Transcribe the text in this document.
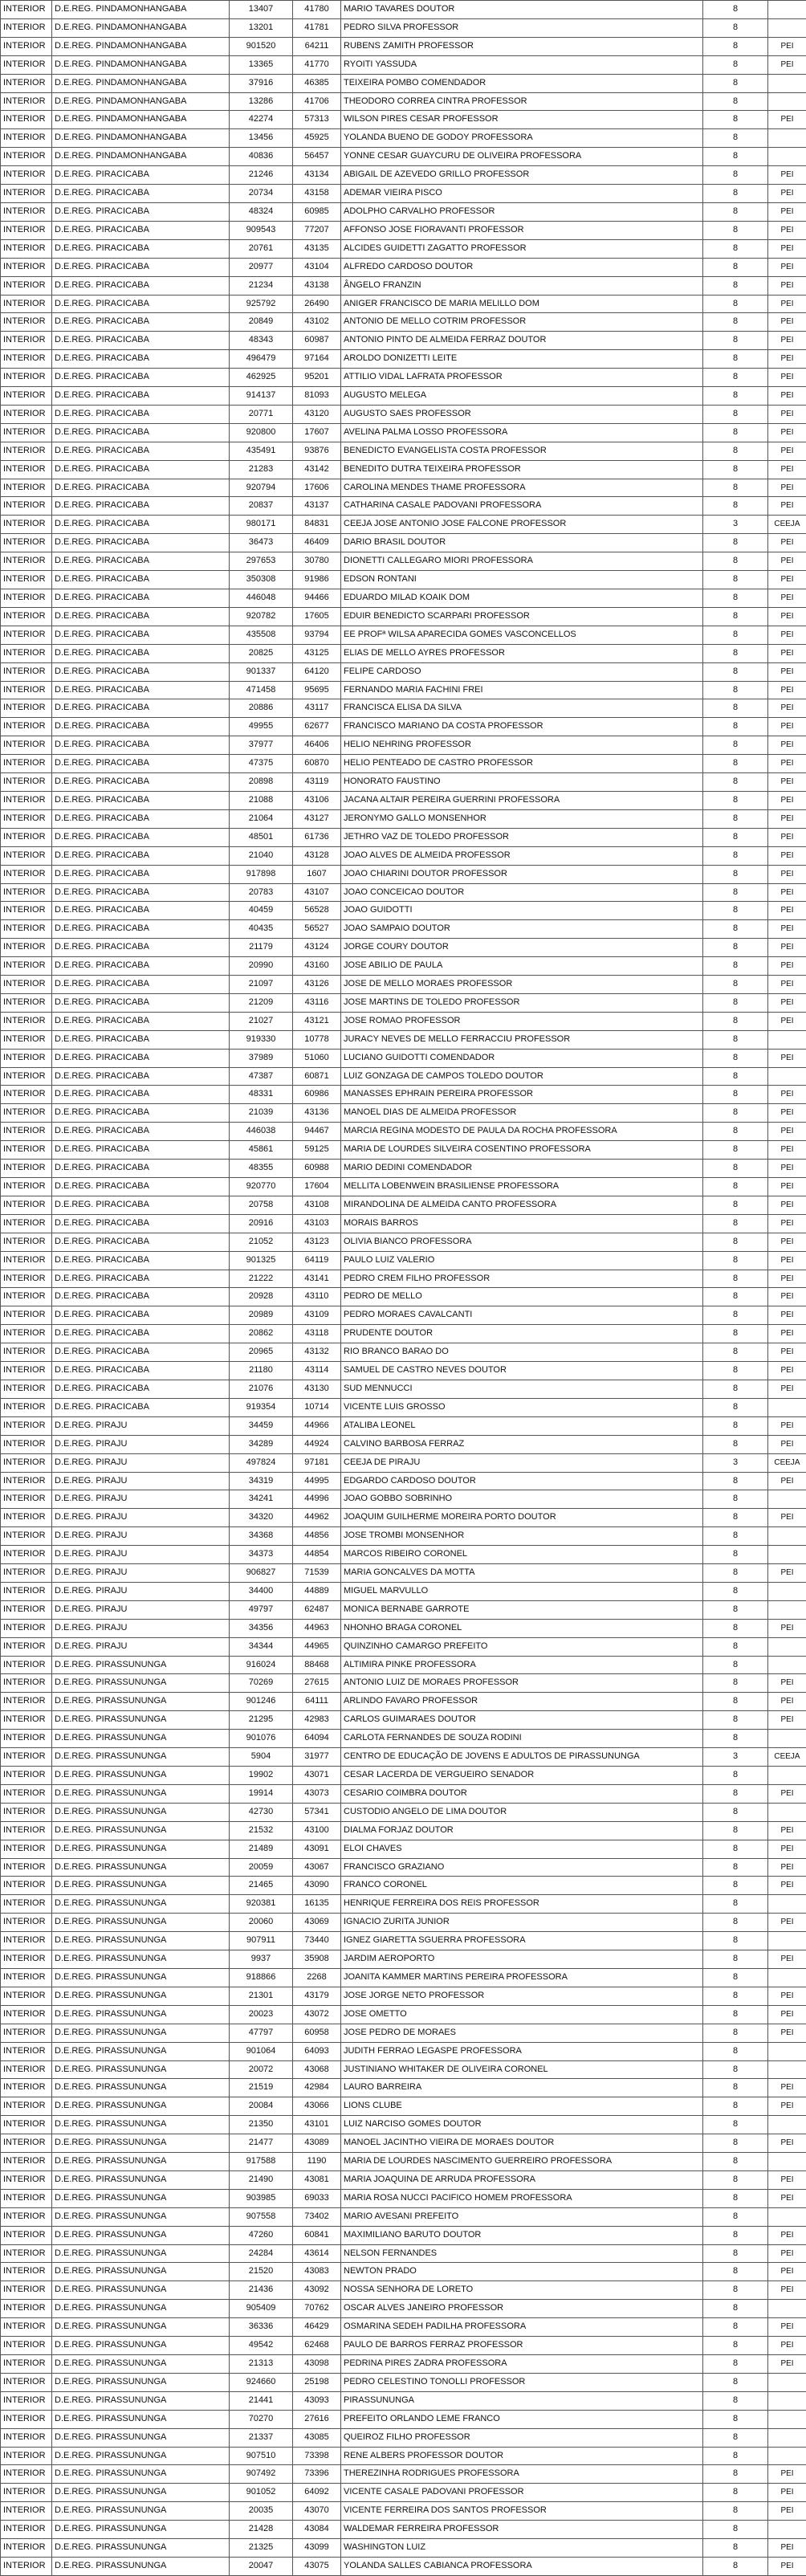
INTERIOR	D.E.REG. PINDAMONHANGABA	13407	41780	MARIO TAVARES DOUTOR	8	
INTERIOR	D.E.REG. PINDAMONHANGABA	13201	41781	PEDRO SILVA PROFESSOR	8	
INTERIOR	D.E.REG. PINDAMONHANGABA	901520	64211	RUBENS ZAMITH PROFESSOR	8	PEI
INTERIOR	D.E.REG. PINDAMONHANGABA	13365	41770	RYOITI YASSUDA	8	PEI
INTERIOR	D.E.REG. PINDAMONHANGABA	37916	46385	TEIXEIRA POMBO COMENDADOR	8	
INTERIOR	D.E.REG. PINDAMONHANGABA	13286	41706	THEODORO CORREA CINTRA PROFESSOR	8	
INTERIOR	D.E.REG. PINDAMONHANGABA	42274	57313	WILSON PIRES CESAR PROFESSOR	8	PEI
INTERIOR	D.E.REG. PINDAMONHANGABA	13456	45925	YOLANDA BUENO DE GODOY PROFESSORA	8	
INTERIOR	D.E.REG. PINDAMONHANGABA	40836	56457	YONNE CESAR GUAYCURU DE OLIVEIRA PROFESSORA	8	
INTERIOR	D.E.REG. PIRACICABA	21246	43134	ABIGAIL DE AZEVEDO GRILLO PROFESSOR	8	PEI
INTERIOR	D.E.REG. PIRACICABA	20734	43158	ADEMAR VIEIRA PISCO	8	PEI
INTERIOR	D.E.REG. PIRACICABA	48324	60985	ADOLPHO CARVALHO PROFESSOR	8	PEI
INTERIOR	D.E.REG. PIRACICABA	909543	77207	AFFONSO JOSE FIORAVANTI PROFESSOR	8	PEI
INTERIOR	D.E.REG. PIRACICABA	20761	43135	ALCIDES GUIDETTI ZAGATTO PROFESSOR	8	PEI
INTERIOR	D.E.REG. PIRACICABA	20977	43104	ALFREDO CARDOSO DOUTOR	8	PEI
INTERIOR	D.E.REG. PIRACICABA	21234	43138	ÂNGELO FRANZIN	8	PEI
INTERIOR	D.E.REG. PIRACICABA	925792	26490	ANIGER FRANCISCO DE MARIA MELILLO DOM	8	PEI
INTERIOR	D.E.REG. PIRACICABA	20849	43102	ANTONIO DE MELLO COTRIM PROFESSOR	8	PEI
INTERIOR	D.E.REG. PIRACICABA	48343	60987	ANTONIO PINTO DE ALMEIDA FERRAZ DOUTOR	8	PEI
INTERIOR	D.E.REG. PIRACICABA	496479	97164	AROLDO DONIZETTI LEITE	8	PEI
INTERIOR	D.E.REG. PIRACICABA	462925	95201	ATTILIO VIDAL LAFRATA PROFESSOR	8	PEI
INTERIOR	D.E.REG. PIRACICABA	914137	81093	AUGUSTO MELEGA	8	PEI
INTERIOR	D.E.REG. PIRACICABA	20771	43120	AUGUSTO SAES PROFESSOR	8	PEI
INTERIOR	D.E.REG. PIRACICABA	920800	17607	AVELINA PALMA LOSSO PROFESSORA	8	PEI
INTERIOR	D.E.REG. PIRACICABA	435491	93876	BENEDICTO EVANGELISTA COSTA PROFESSOR	8	PEI
INTERIOR	D.E.REG. PIRACICABA	21283	43142	BENEDITO DUTRA TEIXEIRA PROFESSOR	8	PEI
INTERIOR	D.E.REG. PIRACICABA	920794	17606	CAROLINA MENDES THAME PROFESSORA	8	PEI
INTERIOR	D.E.REG. PIRACICABA	20837	43137	CATHARINA CASALE PADOVANI PROFESSORA	8	PEI
INTERIOR	D.E.REG. PIRACICABA	980171	84831	CEEJA JOSE ANTONIO JOSE FALCONE PROFESSOR	3	CEEJA
INTERIOR	D.E.REG. PIRACICABA	36473	46409	DARIO BRASIL DOUTOR	8	PEI
INTERIOR	D.E.REG. PIRACICABA	297653	30780	DIONETTI CALLEGARO MIORI PROFESSORA	8	PEI
INTERIOR	D.E.REG. PIRACICABA	350308	91986	EDSON RONTANI	8	PEI
INTERIOR	D.E.REG. PIRACICABA	446048	94466	EDUARDO MILAD KOAIK DOM	8	PEI
INTERIOR	D.E.REG. PIRACICABA	920782	17605	EDUIR BENEDICTO SCARPARI PROFESSOR	8	PEI
INTERIOR	D.E.REG. PIRACICABA	435508	93794	EE PROFª WILSA APARECIDA GOMES VASCONCELLOS	8	PEI
INTERIOR	D.E.REG. PIRACICABA	20825	43125	ELIAS DE MELLO AYRES PROFESSOR	8	PEI
INTERIOR	D.E.REG. PIRACICABA	901337	64120	FELIPE CARDOSO	8	PEI
INTERIOR	D.E.REG. PIRACICABA	471458	95695	FERNANDO MARIA FACHINI FREI	8	PEI
INTERIOR	D.E.REG. PIRACICABA	20886	43117	FRANCISCA ELISA DA SILVA	8	PEI
INTERIOR	D.E.REG. PIRACICABA	49955	62677	FRANCISCO MARIANO DA COSTA PROFESSOR	8	PEI
INTERIOR	D.E.REG. PIRACICABA	37977	46406	HELIO NEHRING PROFESSOR	8	PEI
INTERIOR	D.E.REG. PIRACICABA	47375	60870	HELIO PENTEADO DE CASTRO PROFESSOR	8	PEI
INTERIOR	D.E.REG. PIRACICABA	20898	43119	HONORATO FAUSTINO	8	PEI
INTERIOR	D.E.REG. PIRACICABA	21088	43106	JACANA ALTAIR PEREIRA GUERRINI PROFESSORA	8	PEI
INTERIOR	D.E.REG. PIRACICABA	21064	43127	JERONYMO GALLO MONSENHOR	8	PEI
INTERIOR	D.E.REG. PIRACICABA	48501	61736	JETHRO VAZ DE TOLEDO PROFESSOR	8	PEI
INTERIOR	D.E.REG. PIRACICABA	21040	43128	JOAO ALVES DE ALMEIDA PROFESSOR	8	PEI
INTERIOR	D.E.REG. PIRACICABA	917898	1607	JOAO CHIARINI DOUTOR PROFESSOR	8	PEI
INTERIOR	D.E.REG. PIRACICABA	20783	43107	JOAO CONCEICAO DOUTOR	8	PEI
INTERIOR	D.E.REG. PIRACICABA	40459	56528	JOAO GUIDOTTI	8	PEI
INTERIOR	D.E.REG. PIRACICABA	40435	56527	JOAO SAMPAIO DOUTOR	8	PEI
INTERIOR	D.E.REG. PIRACICABA	21179	43124	JORGE COURY DOUTOR	8	PEI
INTERIOR	D.E.REG. PIRACICABA	20990	43160	JOSE ABILIO DE PAULA	8	PEI
INTERIOR	D.E.REG. PIRACICABA	21097	43126	JOSE DE MELLO MORAES PROFESSOR	8	PEI
INTERIOR	D.E.REG. PIRACICABA	21209	43116	JOSE MARTINS DE TOLEDO PROFESSOR	8	PEI
INTERIOR	D.E.REG. PIRACICABA	21027	43121	JOSE ROMAO PROFESSOR	8	PEI
INTERIOR	D.E.REG. PIRACICABA	919330	10778	JURACY NEVES DE MELLO FERRACCIU PROFESSOR	8	
INTERIOR	D.E.REG. PIRACICABA	37989	51060	LUCIANO GUIDOTTI COMENDADOR	8	PEI
INTERIOR	D.E.REG. PIRACICABA	47387	60871	LUIZ GONZAGA DE CAMPOS TOLEDO DOUTOR	8	
INTERIOR	D.E.REG. PIRACICABA	48331	60986	MANASSES EPHRAIN PEREIRA PROFESSOR	8	PEI
INTERIOR	D.E.REG. PIRACICABA	21039	43136	MANOEL DIAS DE ALMEIDA PROFESSOR	8	PEI
INTERIOR	D.E.REG. PIRACICABA	446038	94467	MARCIA REGINA MODESTO DE PAULA DA ROCHA PROFESSORA	8	PEI
INTERIOR	D.E.REG. PIRACICABA	45861	59125	MARIA DE LOURDES SILVEIRA COSENTINO PROFESSORA	8	PEI
INTERIOR	D.E.REG. PIRACICABA	48355	60988	MARIO DEDINI COMENDADOR	8	PEI
INTERIOR	D.E.REG. PIRACICABA	920770	17604	MELLITA LOBENWEIN BRASILIENSE PROFESSORA	8	PEI
INTERIOR	D.E.REG. PIRACICABA	20758	43108	MIRANDOLINA DE ALMEIDA CANTO PROFESSORA	8	PEI
INTERIOR	D.E.REG. PIRACICABA	20916	43103	MORAIS BARROS	8	PEI
INTERIOR	D.E.REG. PIRACICABA	21052	43123	OLIVIA BIANCO PROFESSORA	8	PEI
INTERIOR	D.E.REG. PIRACICABA	901325	64119	PAULO LUIZ VALERIO	8	PEI
INTERIOR	D.E.REG. PIRACICABA	21222	43141	PEDRO CREM FILHO PROFESSOR	8	PEI
INTERIOR	D.E.REG. PIRACICABA	20928	43110	PEDRO DE MELLO	8	PEI
INTERIOR	D.E.REG. PIRACICABA	20989	43109	PEDRO MORAES CAVALCANTI	8	PEI
INTERIOR	D.E.REG. PIRACICABA	20862	43118	PRUDENTE DOUTOR	8	PEI
INTERIOR	D.E.REG. PIRACICABA	20965	43132	RIO BRANCO BARAO DO	8	PEI
INTERIOR	D.E.REG. PIRACICABA	21180	43114	SAMUEL DE CASTRO NEVES DOUTOR	8	PEI
INTERIOR	D.E.REG. PIRACICABA	21076	43130	SUD MENNUCCI	8	PEI
INTERIOR	D.E.REG. PIRACICABA	919354	10714	VICENTE LUIS GROSSO	8	
INTERIOR	D.E.REG. PIRAJU	34459	44966	ATALIBA LEONEL	8	PEI
INTERIOR	D.E.REG. PIRAJU	34289	44924	CALVINO BARBOSA FERRAZ	8	PEI
INTERIOR	D.E.REG. PIRAJU	497824	97181	CEEJA DE PIRAJU	3	CEEJA
INTERIOR	D.E.REG. PIRAJU	34319	44995	EDGARDO CARDOSO DOUTOR	8	PEI
INTERIOR	D.E.REG. PIRAJU	34241	44996	JOAO GOBBO SOBRINHO	8	
INTERIOR	D.E.REG. PIRAJU	34320	44962	JOAQUIM GUILHERME MOREIRA PORTO DOUTOR	8	PEI
INTERIOR	D.E.REG. PIRAJU	34368	44856	JOSE TROMBI MONSENHOR	8	
INTERIOR	D.E.REG. PIRAJU	34373	44854	MARCOS RIBEIRO CORONEL	8	
INTERIOR	D.E.REG. PIRAJU	906827	71539	MARIA GONCALVES DA MOTTA	8	PEI
INTERIOR	D.E.REG. PIRAJU	34400	44889	MIGUEL MARVULLO	8	
INTERIOR	D.E.REG. PIRAJU	49797	62487	MONICA BERNABE GARROTE	8	
INTERIOR	D.E.REG. PIRAJU	34356	44963	NHONHO BRAGA CORONEL	8	PEI
INTERIOR	D.E.REG. PIRAJU	34344	44965	QUINZINHO CAMARGO PREFEITO	8	
INTERIOR	D.E.REG. PIRASSUNUNGA	916024	88468	ALTIMIRA PINKE PROFESSORA	8	
INTERIOR	D.E.REG. PIRASSUNUNGA	70269	27615	ANTONIO LUIZ DE MORAES PROFESSOR	8	PEI
INTERIOR	D.E.REG. PIRASSUNUNGA	901246	64111	ARLINDO FAVARO PROFESSOR	8	PEI
INTERIOR	D.E.REG. PIRASSUNUNGA	21295	42983	CARLOS GUIMARAES DOUTOR	8	PEI
INTERIOR	D.E.REG. PIRASSUNUNGA	901076	64094	CARLOTA FERNANDES DE SOUZA RODINI	8	
INTERIOR	D.E.REG. PIRASSUNUNGA	5904	31977	CENTRO DE EDUCAÇÃO DE JOVENS E ADULTOS DE PIRASSUNUNGA	3	CEEJA
INTERIOR	D.E.REG. PIRASSUNUNGA	19902	43071	CESAR LACERDA DE VERGUEIRO SENADOR	8	
INTERIOR	D.E.REG. PIRASSUNUNGA	19914	43073	CESARIO COIMBRA DOUTOR	8	PEI
INTERIOR	D.E.REG. PIRASSUNUNGA	42730	57341	CUSTODIO ANGELO DE LIMA DOUTOR	8	
INTERIOR	D.E.REG. PIRASSUNUNGA	21532	43100	DIALMA FORJAZ DOUTOR	8	PEI
INTERIOR	D.E.REG. PIRASSUNUNGA	21489	43091	ELOI CHAVES	8	PEI
INTERIOR	D.E.REG. PIRASSUNUNGA	20059	43067	FRANCISCO GRAZIANO	8	PEI
INTERIOR	D.E.REG. PIRASSUNUNGA	21465	43090	FRANCO CORONEL	8	PEI
INTERIOR	D.E.REG. PIRASSUNUNGA	920381	16135	HENRIQUE FERREIRA DOS REIS PROFESSOR	8	
INTERIOR	D.E.REG. PIRASSUNUNGA	20060	43069	IGNACIO ZURITA JUNIOR	8	PEI
INTERIOR	D.E.REG. PIRASSUNUNGA	907911	73440	IGNEZ GIARETTA SGUERRA PROFESSORA	8	
INTERIOR	D.E.REG. PIRASSUNUNGA	9937	35908	JARDIM AEROPORTO	8	PEI
INTERIOR	D.E.REG. PIRASSUNUNGA	918866	2268	JOANITA KAMMER MARTINS PEREIRA PROFESSORA	8	
INTERIOR	D.E.REG. PIRASSUNUNGA	21301	43179	JOSE JORGE NETO PROFESSOR	8	PEI
INTERIOR	D.E.REG. PIRASSUNUNGA	20023	43072	JOSE OMETTO	8	PEI
INTERIOR	D.E.REG. PIRASSUNUNGA	47797	60958	JOSE PEDRO DE MORAES	8	PEI
INTERIOR	D.E.REG. PIRASSUNUNGA	901064	64093	JUDITH FERRAO LEGASPE PROFESSORA	8	
INTERIOR	D.E.REG. PIRASSUNUNGA	20072	43068	JUSTINIANO WHITAKER DE OLIVEIRA CORONEL	8	
INTERIOR	D.E.REG. PIRASSUNUNGA	21519	42984	LAURO BARREIRA	8	PEI
INTERIOR	D.E.REG. PIRASSUNUNGA	20084	43066	LIONS CLUBE	8	PEI
INTERIOR	D.E.REG. PIRASSUNUNGA	21350	43101	LUIZ NARCISO GOMES DOUTOR	8	
INTERIOR	D.E.REG. PIRASSUNUNGA	21477	43089	MANOEL JACINTHO VIEIRA DE MORAES DOUTOR	8	PEI
INTERIOR	D.E.REG. PIRASSUNUNGA	917588	1190	MARIA DE LOURDES NASCIMENTO GUERREIRO PROFESSORA	8	
INTERIOR	D.E.REG. PIRASSUNUNGA	21490	43081	MARIA JOAQUINA DE ARRUDA PROFESSORA	8	PEI
INTERIOR	D.E.REG. PIRASSUNUNGA	903985	69033	MARIA ROSA NUCCI PACIFICO HOMEM PROFESSORA	8	PEI
INTERIOR	D.E.REG. PIRASSUNUNGA	907558	73402	MARIO AVESANI PREFEITO	8	
INTERIOR	D.E.REG. PIRASSUNUNGA	47260	60841	MAXIMILIANO BARUTO DOUTOR	8	PEI
INTERIOR	D.E.REG. PIRASSUNUNGA	24284	43614	NELSON FERNANDES	8	PEI
INTERIOR	D.E.REG. PIRASSUNUNGA	21520	43083	NEWTON PRADO	8	PEI
INTERIOR	D.E.REG. PIRASSUNUNGA	21436	43092	NOSSA SENHORA DE LORETO	8	PEI
INTERIOR	D.E.REG. PIRASSUNUNGA	905409	70762	OSCAR ALVES JANEIRO PROFESSOR	8	
INTERIOR	D.E.REG. PIRASSUNUNGA	36336	46429	OSMARINA SEDEH PADILHA PROFESSORA	8	PEI
INTERIOR	D.E.REG. PIRASSUNUNGA	49542	62468	PAULO DE BARROS FERRAZ PROFESSOR	8	PEI
INTERIOR	D.E.REG. PIRASSUNUNGA	21313	43098	PEDRINA PIRES ZADRA PROFESSORA	8	PEI
INTERIOR	D.E.REG. PIRASSUNUNGA	924660	25198	PEDRO CELESTINO TONOLLI PROFESSOR	8	
INTERIOR	D.E.REG. PIRASSUNUNGA	21441	43093	PIRASSUNUNGA	8	
INTERIOR	D.E.REG. PIRASSUNUNGA	70270	27616	PREFEITO ORLANDO LEME FRANCO	8	
INTERIOR	D.E.REG. PIRASSUNUNGA	21337	43085	QUEIROZ FILHO PROFESSOR	8	
INTERIOR	D.E.REG. PIRASSUNUNGA	907510	73398	RENE ALBERS PROFESSOR DOUTOR	8	
INTERIOR	D.E.REG. PIRASSUNUNGA	907492	73396	THEREZINHA RODRIGUES PROFESSORA	8	PEI
INTERIOR	D.E.REG. PIRASSUNUNGA	901052	64092	VICENTE CASALE PADOVANI PROFESSOR	8	PEI
INTERIOR	D.E.REG. PIRASSUNUNGA	20035	43070	VICENTE FERREIRA DOS SANTOS PROFESSOR	8	PEI
INTERIOR	D.E.REG. PIRASSUNUNGA	21428	43084	WALDEMAR FERREIRA PROFESSOR	8	
INTERIOR	D.E.REG. PIRASSUNUNGA	21325	43099	WASHINGTON LUIZ	8	PEI
INTERIOR	D.E.REG. PIRASSUNUNGA	20047	43075	YOLANDA SALLES CABIANCA PROFESSORA	8	PEI
